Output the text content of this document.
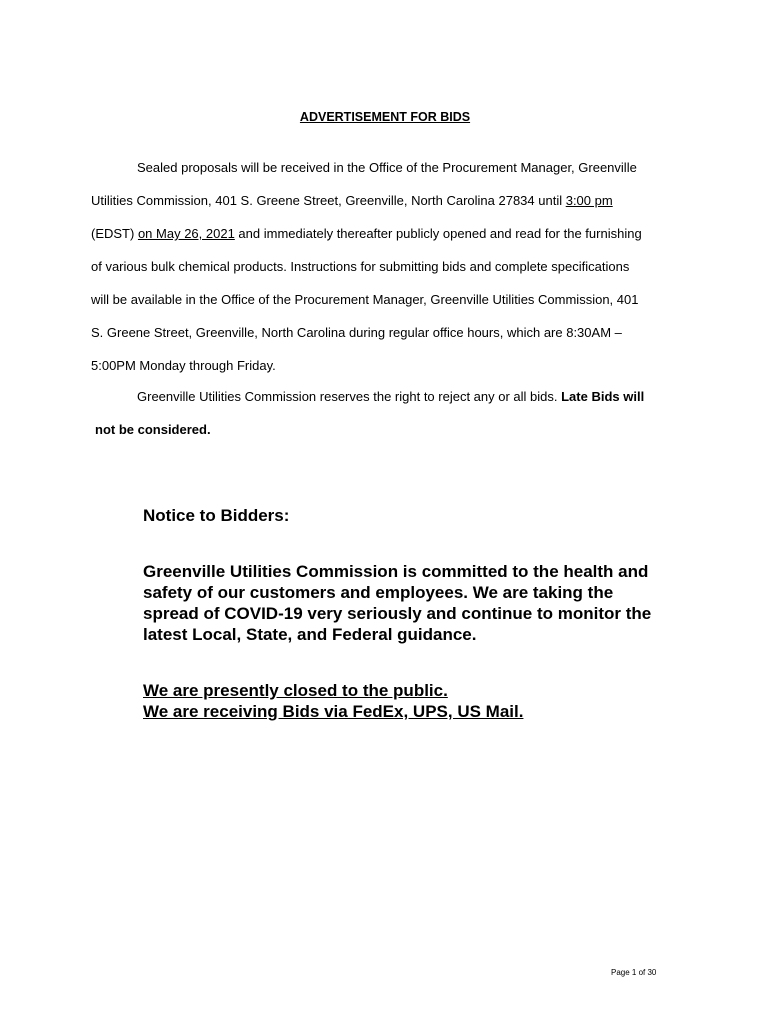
ADVERTISEMENT FOR BIDS
Sealed proposals will be received in the Office of the Procurement Manager, Greenville
Utilities Commission, 401 S. Greene Street, Greenville, North Carolina 27834 until 3:00 pm
(EDST) on May 26, 2021 and immediately thereafter publicly opened and read for the furnishing
of various bulk chemical products. Instructions for submitting bids and complete specifications
will be available in the Office of the Procurement Manager, Greenville Utilities Commission, 401
S. Greene Street, Greenville, North Carolina during regular office hours, which are 8:30AM –
5:00PM Monday through Friday.
Greenville Utilities Commission reserves the right to reject any or all bids. Late Bids will
not be considered.
Notice to Bidders:
Greenville Utilities Commission is committed to the health and
safety of our customers and employees. We are taking the
spread of COVID-19 very seriously and continue to monitor the
latest Local, State, and Federal guidance.
We are presently closed to the public.
We are receiving Bids via FedEx, UPS, US Mail.
Page 1 of 30
